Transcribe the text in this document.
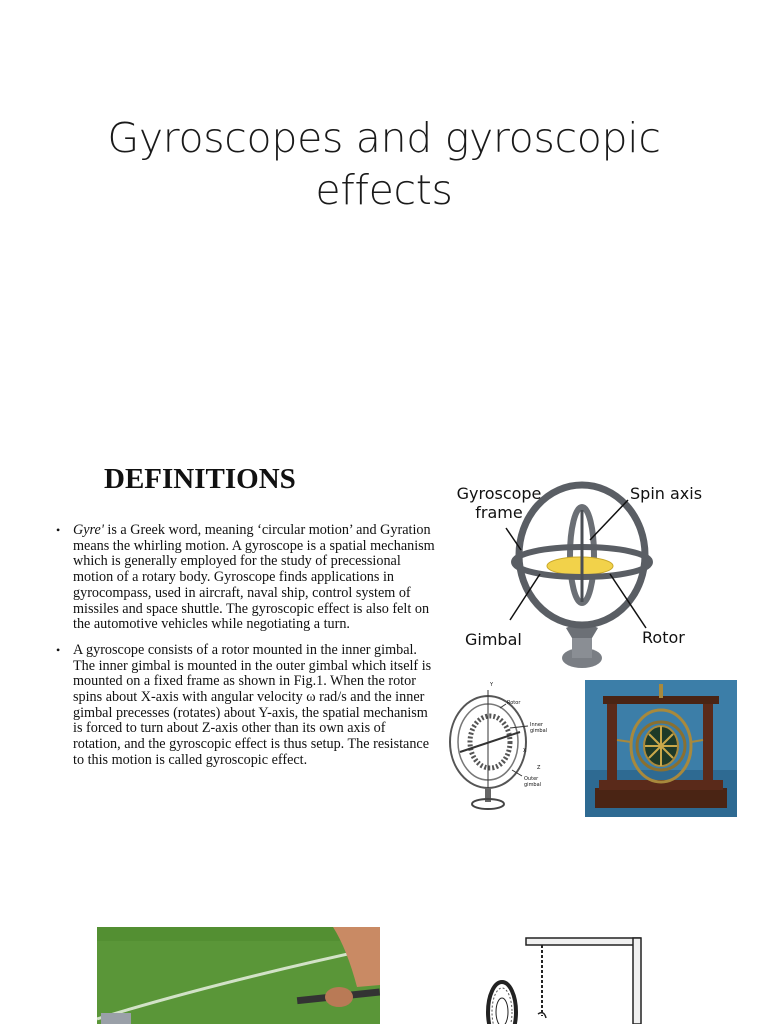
Gyroscopes and gyroscopic effects
DEFINITIONS
• Gyre' is a Greek word, meaning ‘circular motion’ and Gyration means the whirling motion. A gyroscope is a spatial mechanism which is generally employed for the study of precessional motion of a rotary body. Gyroscope finds applications in gyrocompass, used in aircraft, naval ship, control system of missiles and space shuttle. The gyroscopic effect is also felt on the automotive vehicles while negotiating a turn.
• A gyroscope consists of a rotor mounted in the inner gimbal. The inner gimbal is mounted in the outer gimbal which itself is mounted on a fixed frame as shown in Fig.1. When the rotor spins about X-axis with angular velocity ω rad/s and the inner gimbal precesses (rotates) about Y-axis, the spatial mechanism is forced to turn about Z-axis other than its own axis of rotation, and the gyroscopic effect is thus setup. The resistance to this motion is called gyroscopic effect.
Gyroscope
frame
Spin axis
Gimbal	Rotor
Y
Rotor
Inner
gimbal
X
Z
Outer
gimbal
